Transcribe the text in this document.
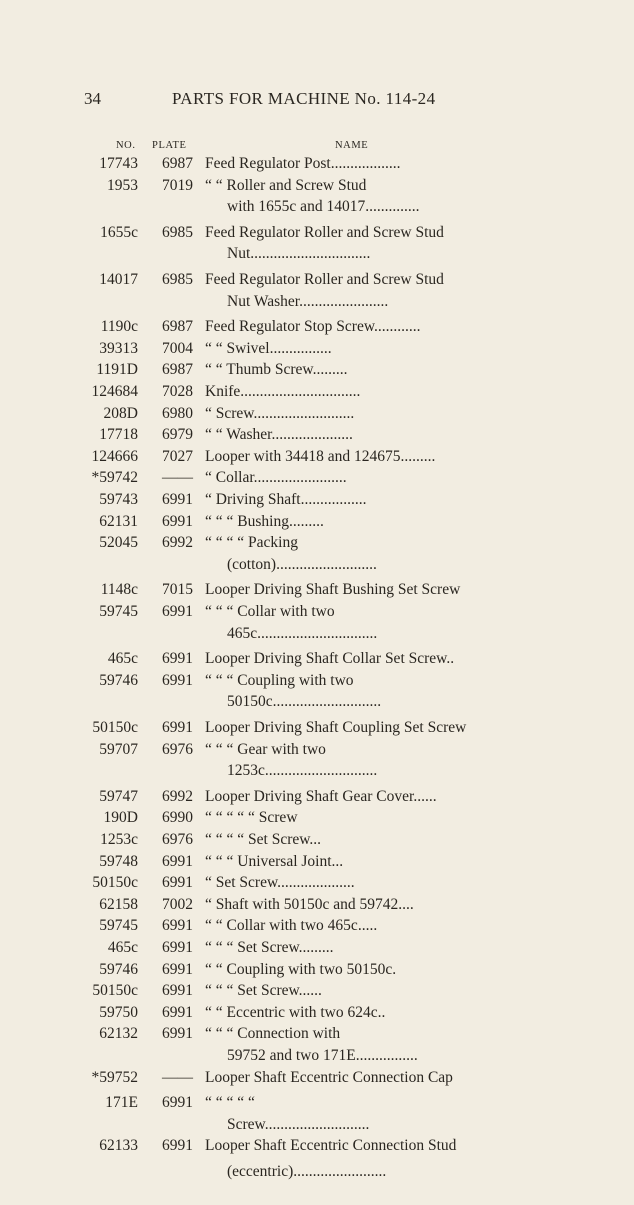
34	PARTS FOR MACHINE No. 114-24
NO. PLATE	NAME
17743	6987 Feed Regulator Post..................
1953	7019 “ “ Roller and Screw Stud
with 1655c and 14017..............
1655c	6985 Feed Regulator Roller and Screw Stud
Nut...............................
14017	6985 Feed Regulator Roller and Screw Stud
Nut Washer.......................
1190c	6987 Feed Regulator Stop Screw............
39313	7004 “ “ Swivel................
1191D	6987 “ “ Thumb Screw.........
124684	7028 Knife...............................
208D	6980 “ Screw..........................
17718	6979 “ “ Washer.....................
124666	7027 Looper with 34418 and 124675.........
*59742	—— “ Collar........................
59743	6991 “ Driving Shaft.................
62131	6991 “ “ “ Bushing.........
52045	6992 “ “ “ “ Packing
(cotton)..........................
1148c	7015 Looper Driving Shaft Bushing Set Screw
59745	6991 “ “ “ Collar with two
465c...............................
465c	6991 Looper Driving Shaft Collar Set Screw..
59746	6991 “ “ “ Coupling with two
50150c............................
50150c	6991 Looper Driving Shaft Coupling Set Screw
59707	6976 “ “ “ Gear with two
1253c.............................
59747	6992 Looper Driving Shaft Gear Cover......
190D	6990 “ “ “ “ “ Screw
1253c	6976 “ “ “ “ Set Screw...
59748	6991 “ “ “ Universal Joint...
50150c	6991 “ Set Screw....................
62158	7002 “ Shaft with 50150c and 59742....
59745	6991 “ “ Collar with two 465c.....
465c	6991 “ “ “ Set Screw.........
59746	6991 “ “ Coupling with two 50150c.
50150c	6991 “ “ “ Set Screw......
59750	6991 “ “ Eccentric with two 624c..
62132	6991 “ “ “ Connection with
59752 and two 171E................
*59752	—— Looper Shaft Eccentric Connection Cap
171E	6991 “ “ “ “ “
Screw...........................
62133	6991 Looper Shaft Eccentric Connection Stud
(eccentric)........................
